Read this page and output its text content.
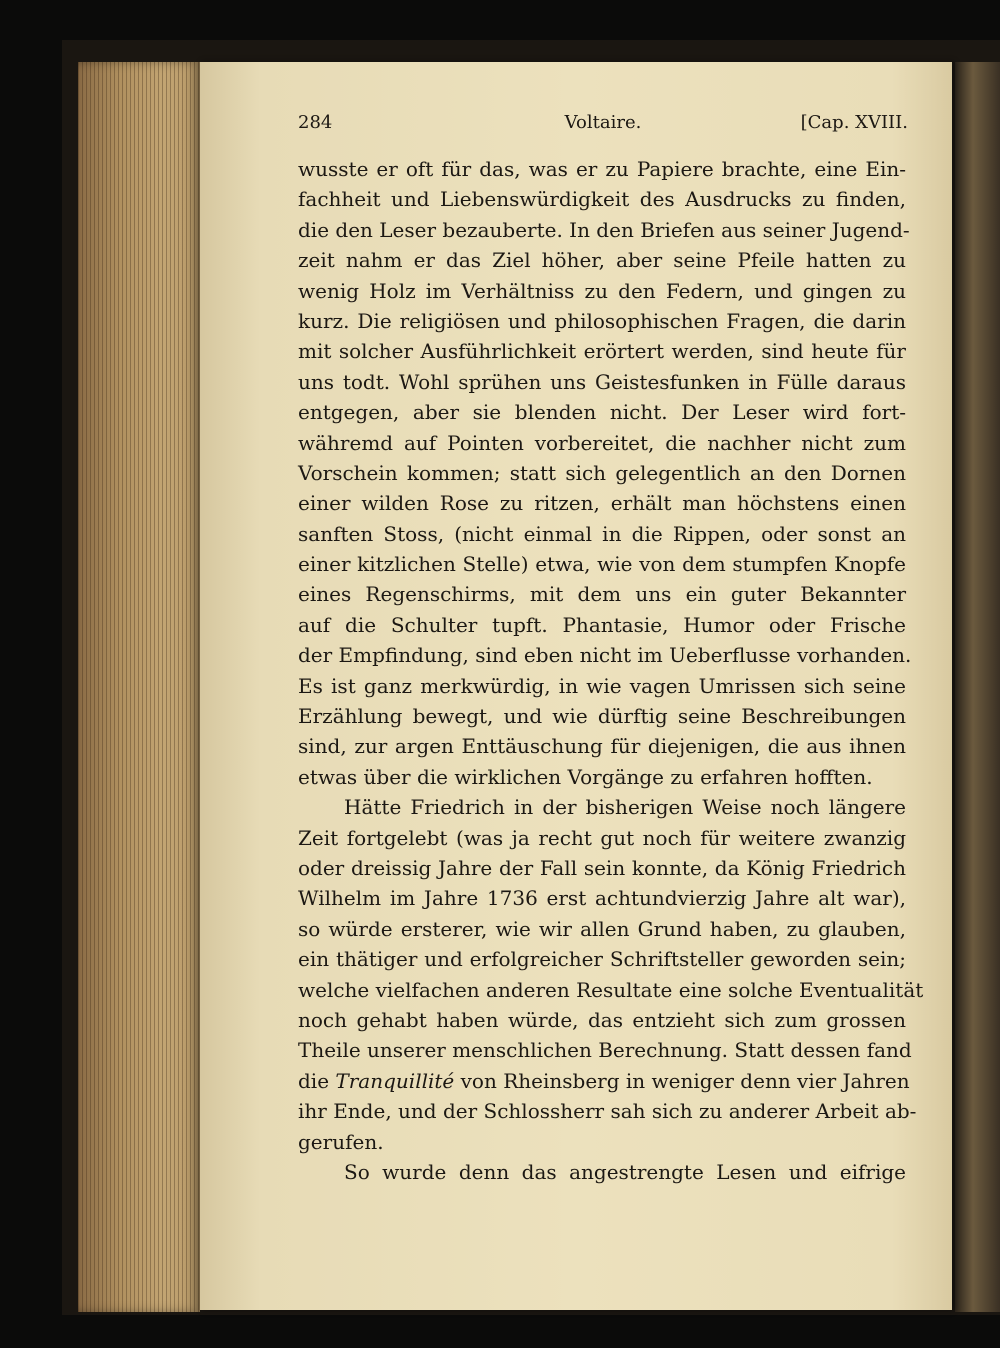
284	Voltaire.	[Cap. XVIII.
wusste er oft für das, was er zu Papiere brachte, eine Ein-
fachheit und Liebenswürdigkeit des Ausdrucks zu finden,
die den Leser bezauberte. In den Briefen aus seiner Jugend-
zeit nahm er das Ziel höher, aber seine Pfeile hatten zu
wenig Holz im Verhältniss zu den Federn, und gingen zu
kurz. Die religiösen und philosophischen Fragen, die darin
mit solcher Ausführlichkeit erörtert werden, sind heute für
uns todt. Wohl sprühen uns Geistesfunken in Fülle daraus
entgegen, aber sie blenden nicht. Der Leser wird fort-
währemd auf Pointen vorbereitet, die nachher nicht zum
Vorschein kommen; statt sich gelegentlich an den Dornen
einer wilden Rose zu ritzen, erhält man höchstens einen
sanften Stoss, (nicht einmal in die Rippen, oder sonst an
einer kitzlichen Stelle) etwa, wie von dem stumpfen Knopfe
eines Regenschirms, mit dem uns ein guter Bekannter
auf die Schulter tupft. Phantasie, Humor oder Frische
der Empfindung, sind eben nicht im Ueberflusse vorhanden.
Es ist ganz merkwürdig, in wie vagen Umrissen sich seine
Erzählung bewegt, und wie dürftig seine Beschreibungen
sind, zur argen Enttäuschung für diejenigen, die aus ihnen
etwas über die wirklichen Vorgänge zu erfahren hofften.
Hätte Friedrich in der bisherigen Weise noch längere
Zeit fortgelebt (was ja recht gut noch für weitere zwanzig
oder dreissig Jahre der Fall sein konnte, da König Friedrich
Wilhelm im Jahre 1736 erst achtundvierzig Jahre alt war),
so würde ersterer, wie wir allen Grund haben, zu glauben,
ein thätiger und erfolgreicher Schriftsteller geworden sein;
welche vielfachen anderen Resultate eine solche Eventualität
noch gehabt haben würde, das entzieht sich zum grossen
Theile unserer menschlichen Berechnung. Statt dessen fand
die Tranquillité von Rheinsberg in weniger denn vier Jahren
ihr Ende, und der Schlossherr sah sich zu anderer Arbeit ab-
gerufen.
So wurde denn das angestrengte Lesen und eifrige
